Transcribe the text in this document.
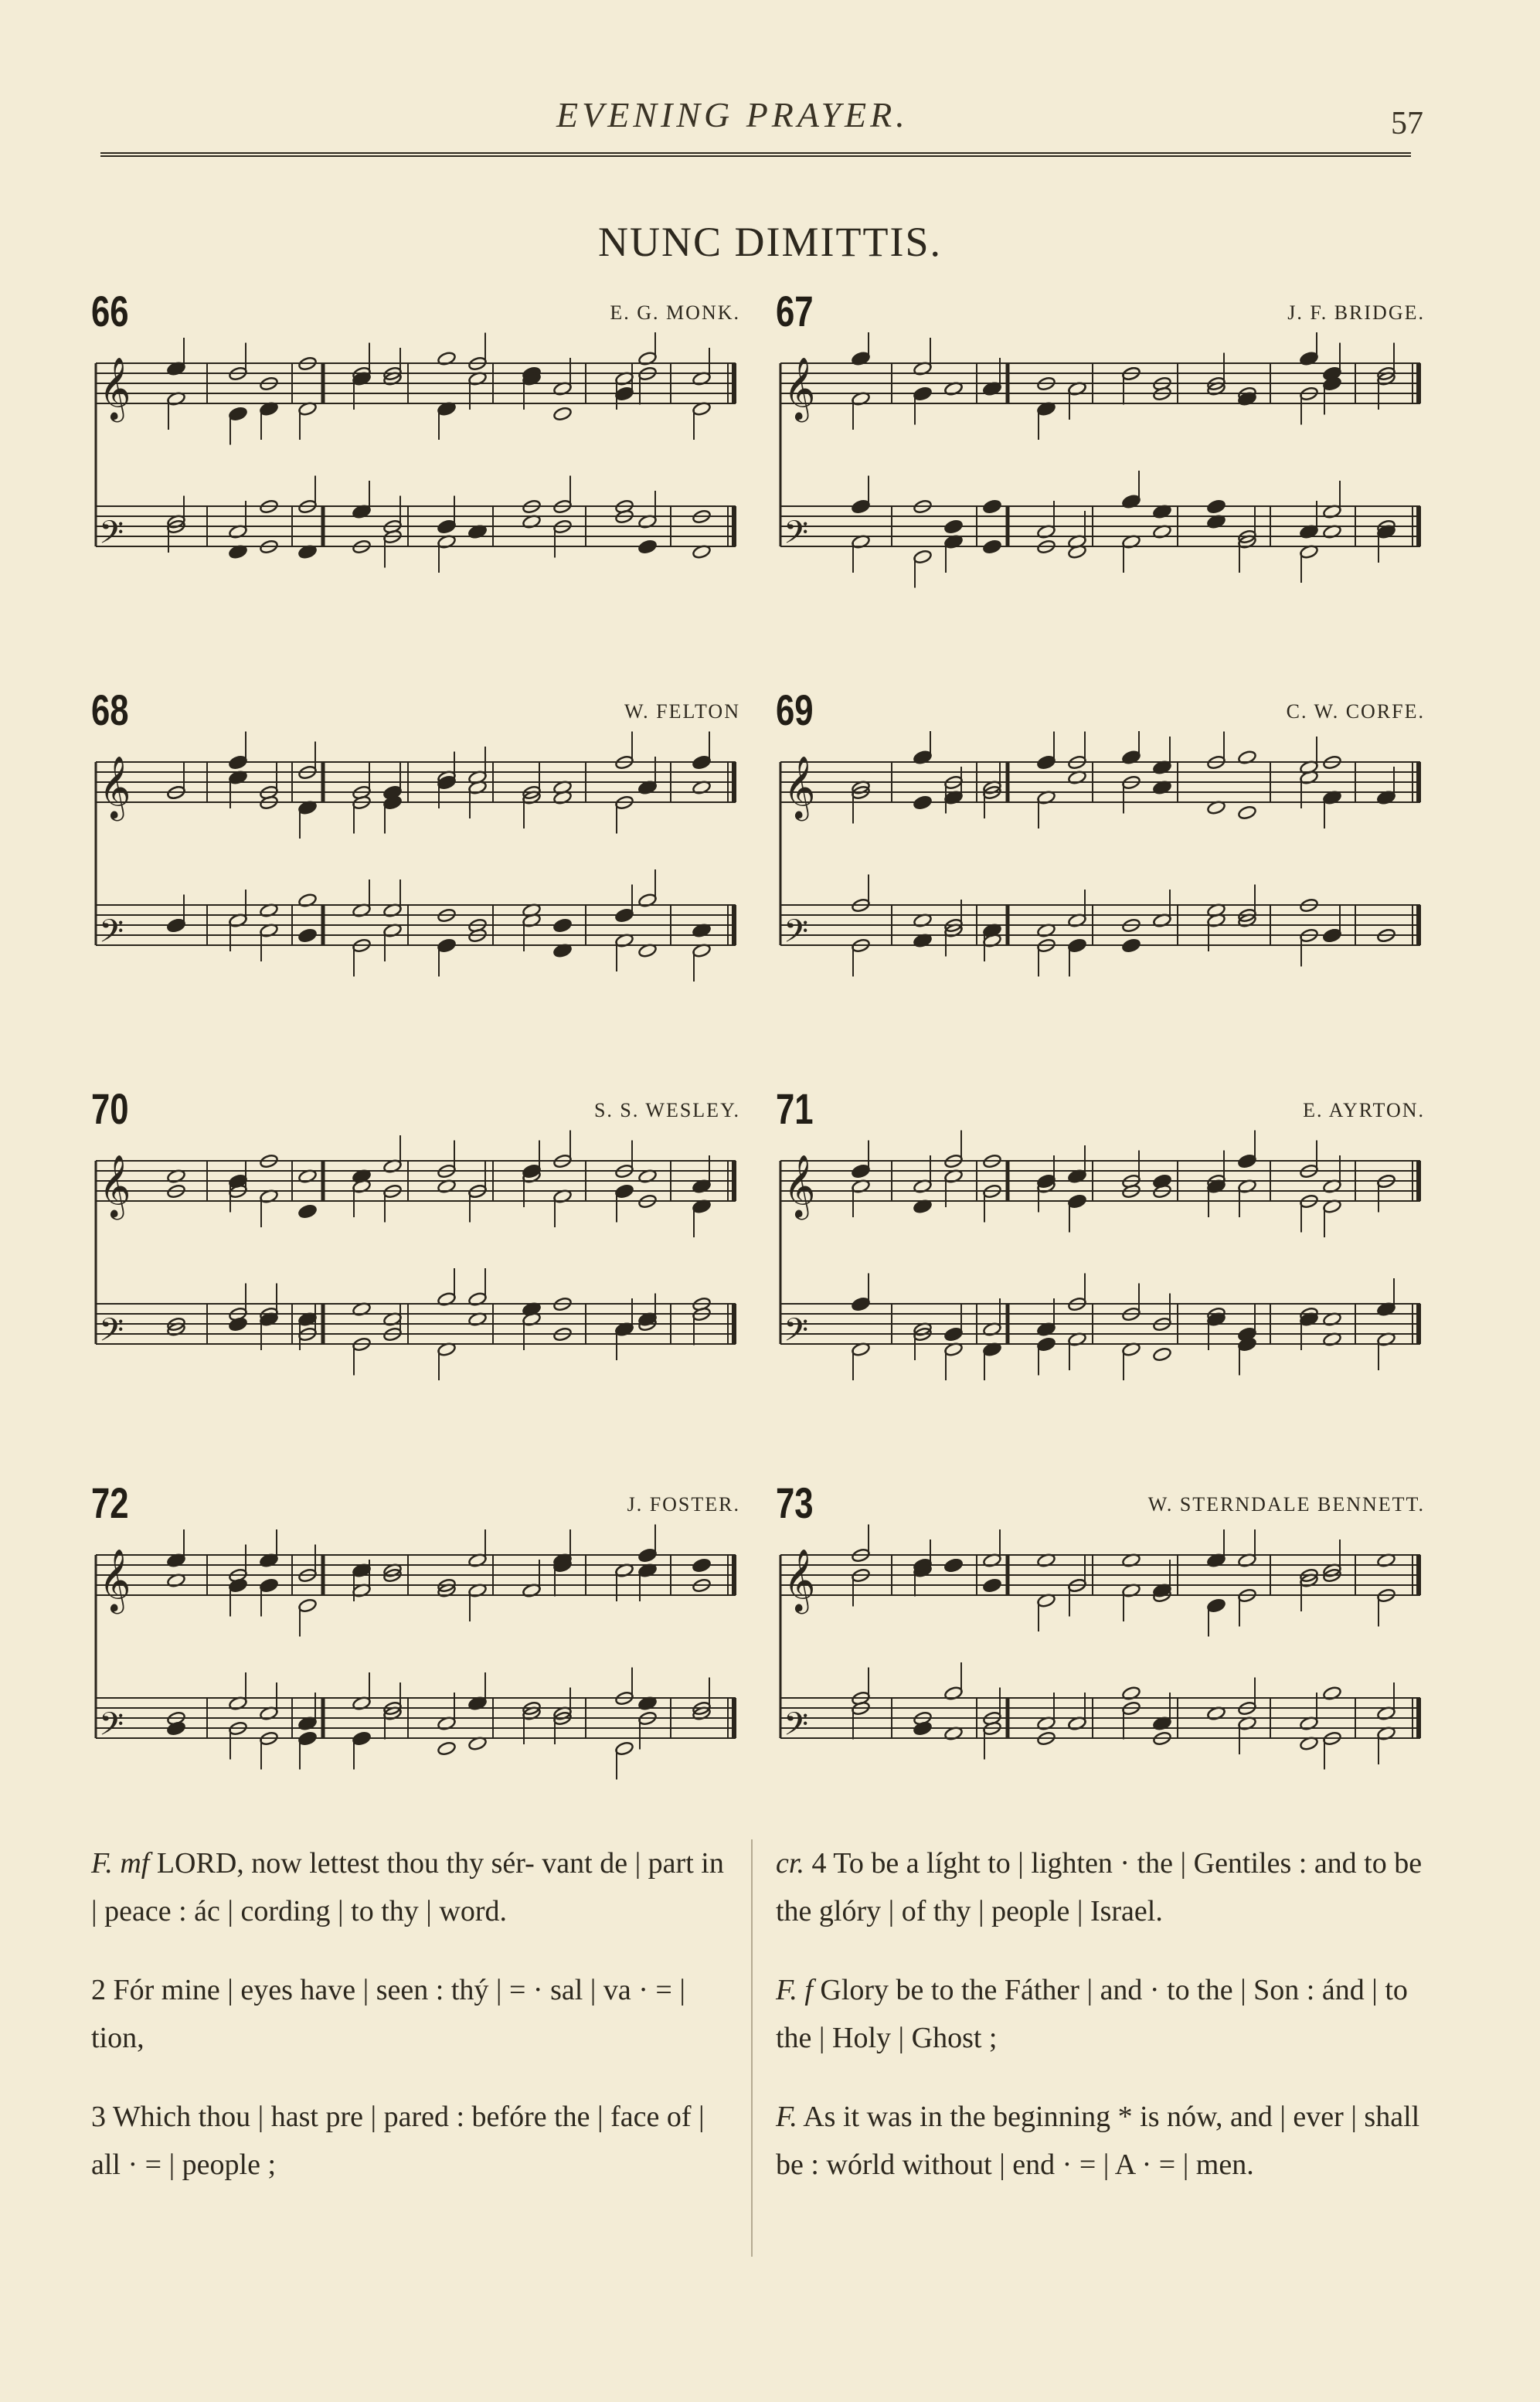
EVENING PRAYER.	57
NUNC DIMITTIS.
66	E. G. MONK.
𝄞
𝄢
67	J. F. BRIDGE.
𝄞
𝄢
68	W. FELTON
𝄞
𝄢
69	C. W. CORFE.
𝄞
𝄢
70	S. S. WESLEY.
𝄞
𝄢
71	E. AYRTON.
𝄞
𝄢
72	J. FOSTER.
𝄞
𝄢
73	W. STERNDALE BENNETT.
𝄞
𝄢

F. mf LORD, now lettest thou thy sér- vant de | part in | peace : ác | cording | to thy | word.

2 Fór mine | eyes have | seen : thý | = · sal | va · = | tion,

3 Which thou | hast pre | pared : befóre the | face of | all · = | people ;

cr. 4 To be a líght to | lighten · the | Gentiles : and to be the glóry | of thy | people | Israel.

F. f Glory be to the Fáther | and · to the | Son : ánd | to the | Holy | Ghost ;

F. As it was in the beginning * is nów, and | ever | shall be : wórld without | end · = | A · = | men.
